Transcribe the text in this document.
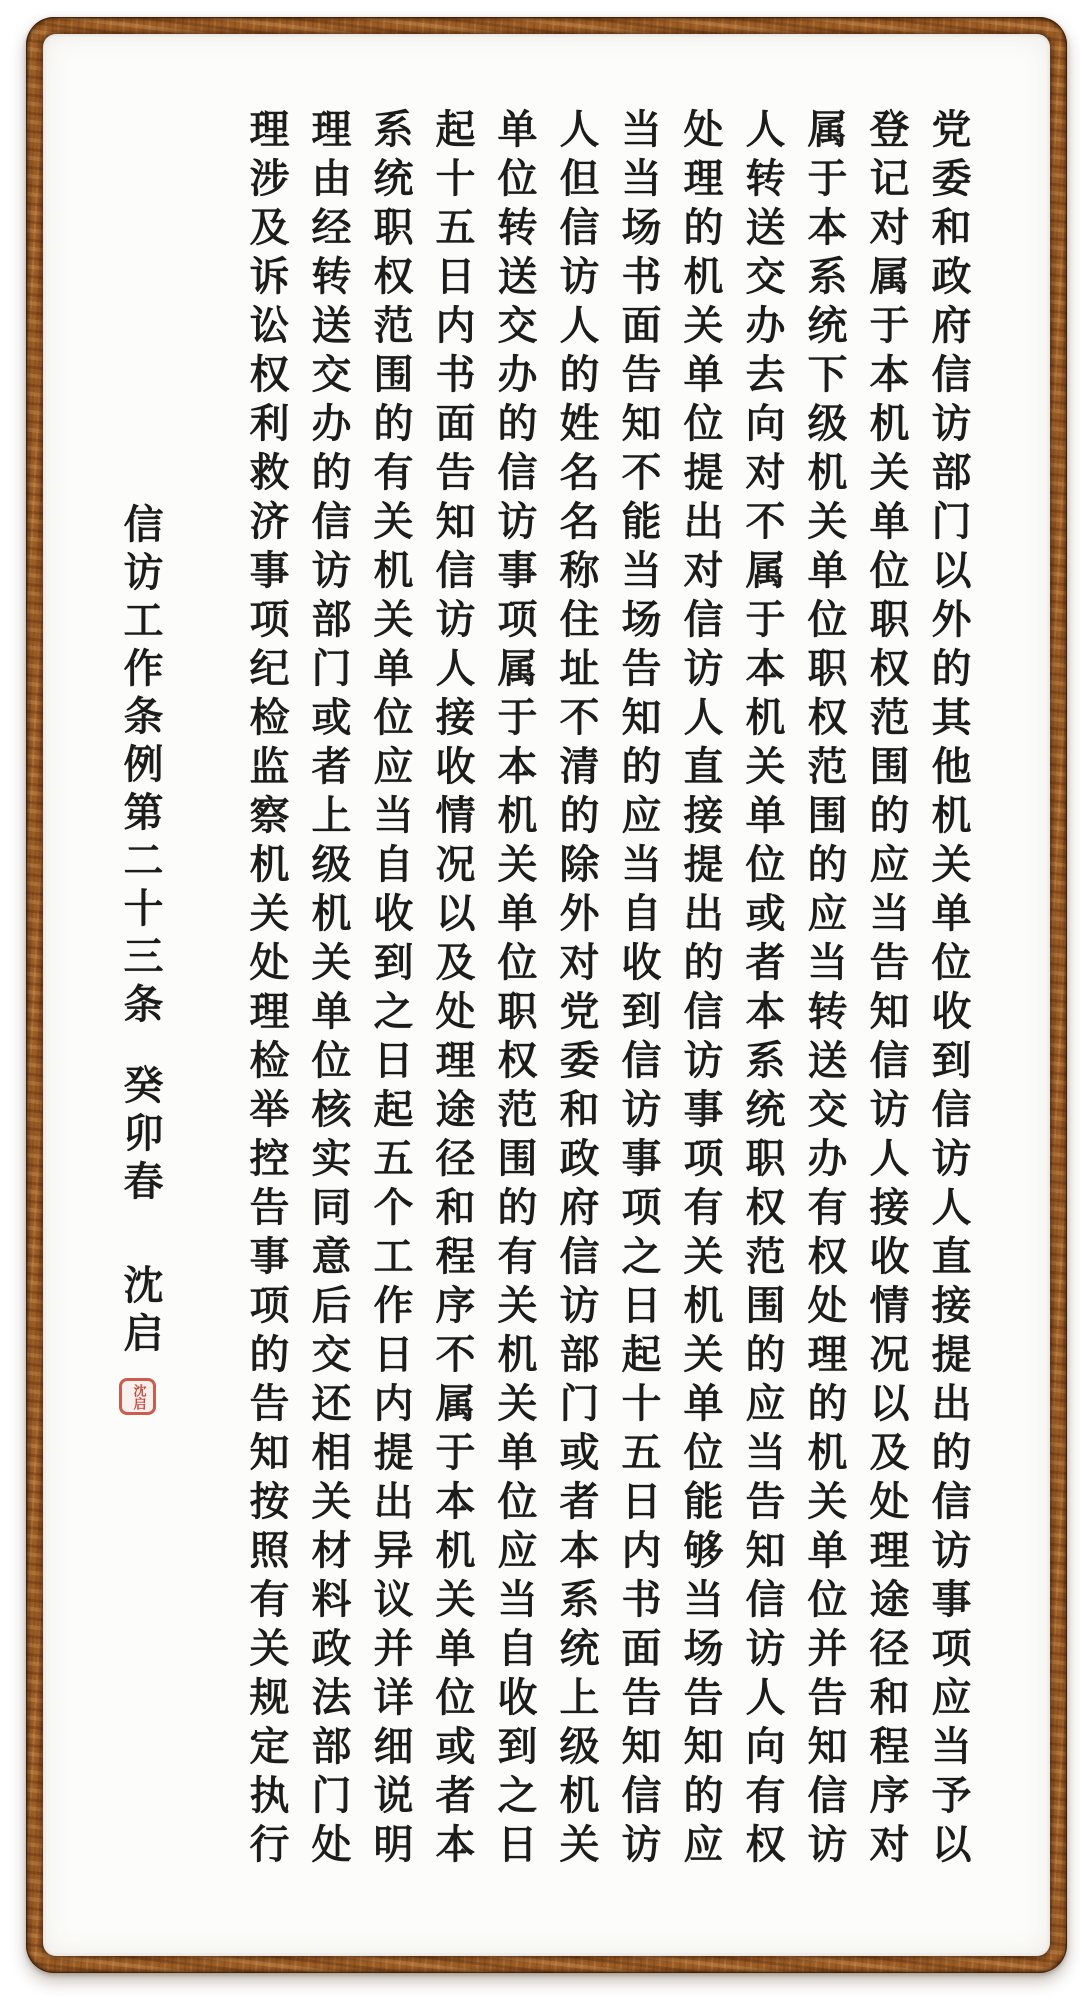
党委和政府信访部门以外的其他机关单位收到信访人直接提出的信访事项应当予以
登记对属于本机关单位职权范围的应当告知信访人接收情况以及处理途径和程序对
属于本系统下级机关单位职权范围的应当转送交办有权处理的机关单位并告知信访
人转送交办去向对不属于本机关单位或者本系统职权范围的应当告知信访人向有权
处理的机关单位提出对信访人直接提出的信访事项有关机关单位能够当场告知的应
当当场书面告知不能当场告知的应当自收到信访事项之日起十五日内书面告知信访
人但信访人的姓名名称住址不清的除外对党委和政府信访部门或者本系统上级机关
单位转送交办的信访事项属于本机关单位职权范围的有关机关单位应当自收到之日
起十五日内书面告知信访人接收情况以及处理途径和程序不属于本机关单位或者本
系统职权范围的有关机关单位应当自收到之日起五个工作日内提出异议并详细说明
理由经转送交办的信访部门或者上级机关单位核实同意后交还相关材料政法部门处
理涉及诉讼权利救济事项纪检监察机关处理检举控告事项的告知按照有关规定执行
信访工作条例第二十三条
癸卯春
沈启
沈启
